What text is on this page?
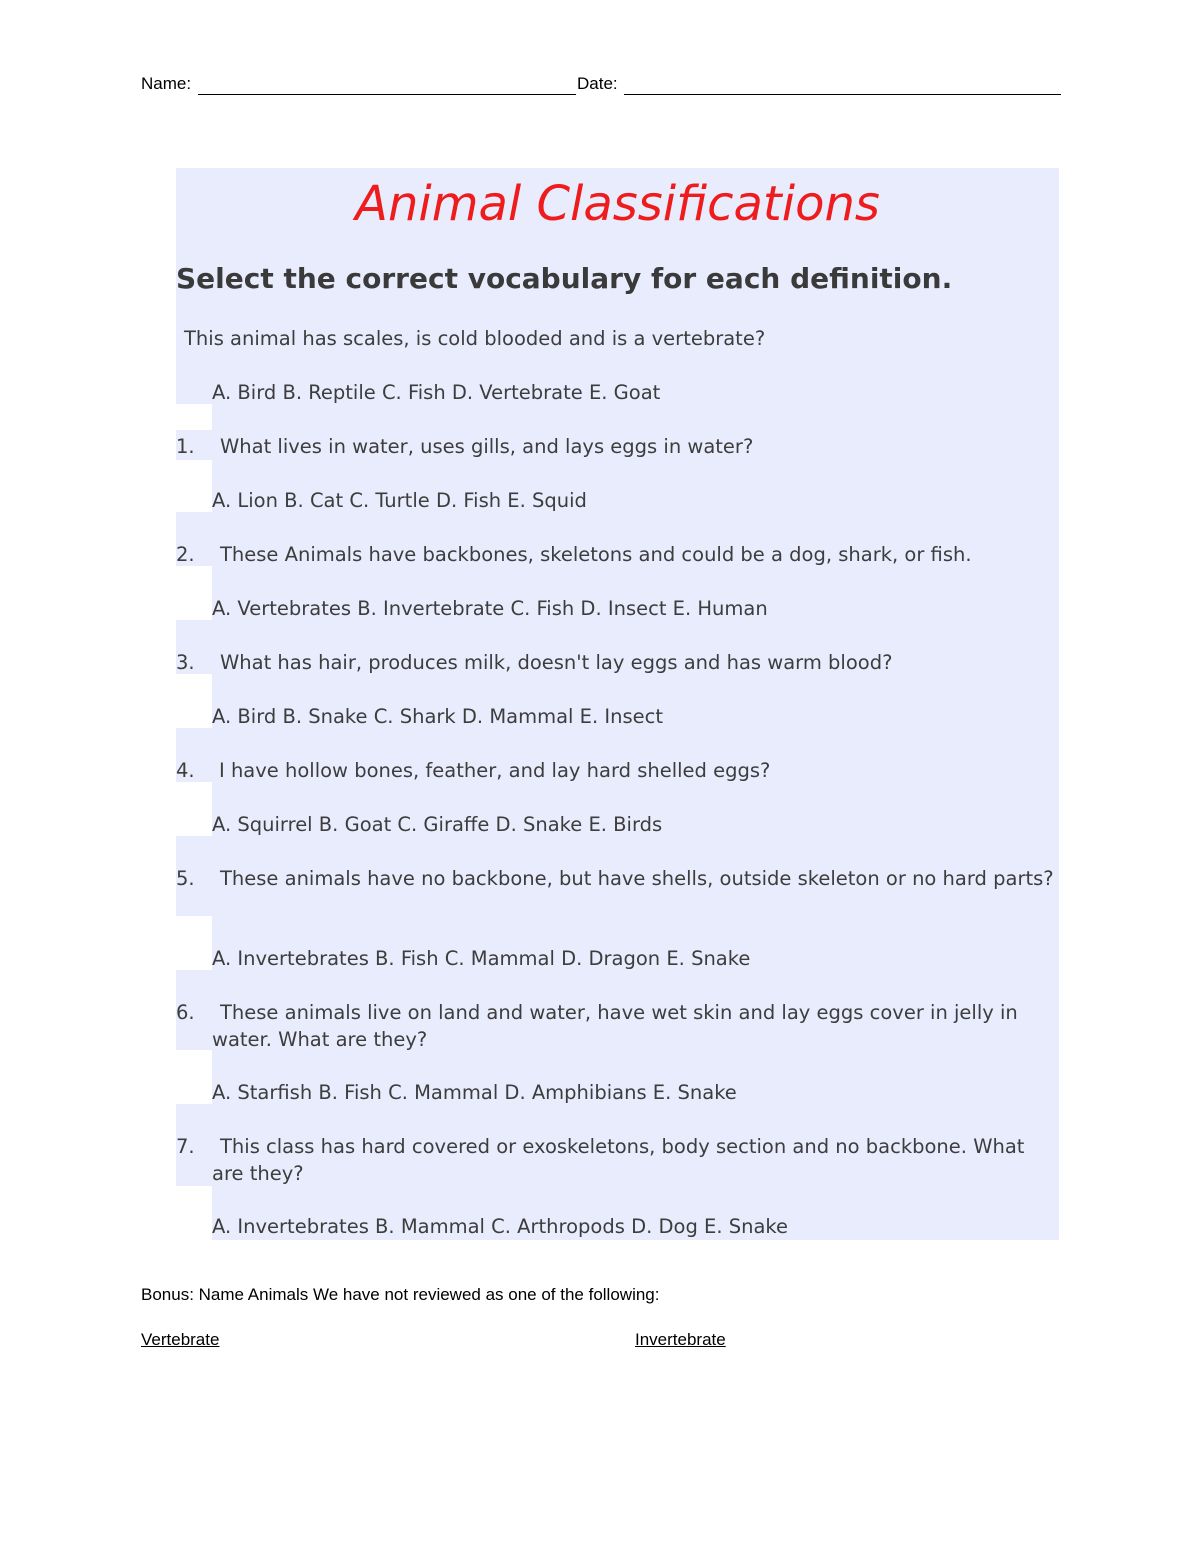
Name:	Date:
Animal Classifications
Select the correct vocabulary for each definition.
This animal has scales, is cold blooded and is a vertebrate?
A. Bird B. Reptile C. Fish D. Vertebrate E. Goat
1. What lives in water, uses gills, and lays eggs in water?
A. Lion B. Cat C. Turtle D. Fish E. Squid
2. These Animals have backbones, skeletons and could be a dog, shark, or fish.
A. Vertebrates B. Invertebrate C. Fish D. Insect E. Human
3. What has hair, produces milk, doesn't lay eggs and has warm blood?
A. Bird B. Snake C. Shark D. Mammal E. Insect
4. I have hollow bones, feather, and lay hard shelled eggs?
A. Squirrel B. Goat C. Giraffe D. Snake E. Birds
5.	These animals have no backbone, but have shells, outside skeleton or no hard parts?
A. Invertebrates B. Fish C. Mammal D. Dragon E. Snake
6.	These animals live on land and water, have wet skin and lay eggs cover in jelly in water. What are they?
A. Starfish B. Fish C. Mammal D. Amphibians E. Snake
7.	This class has hard covered or exoskeletons, body section and no backbone. What are they?
A. Invertebrates B. Mammal C. Arthropods D. Dog E. Snake
Bonus: Name Animals We have not reviewed as one of the following:
Vertebrate	Invertebrate
